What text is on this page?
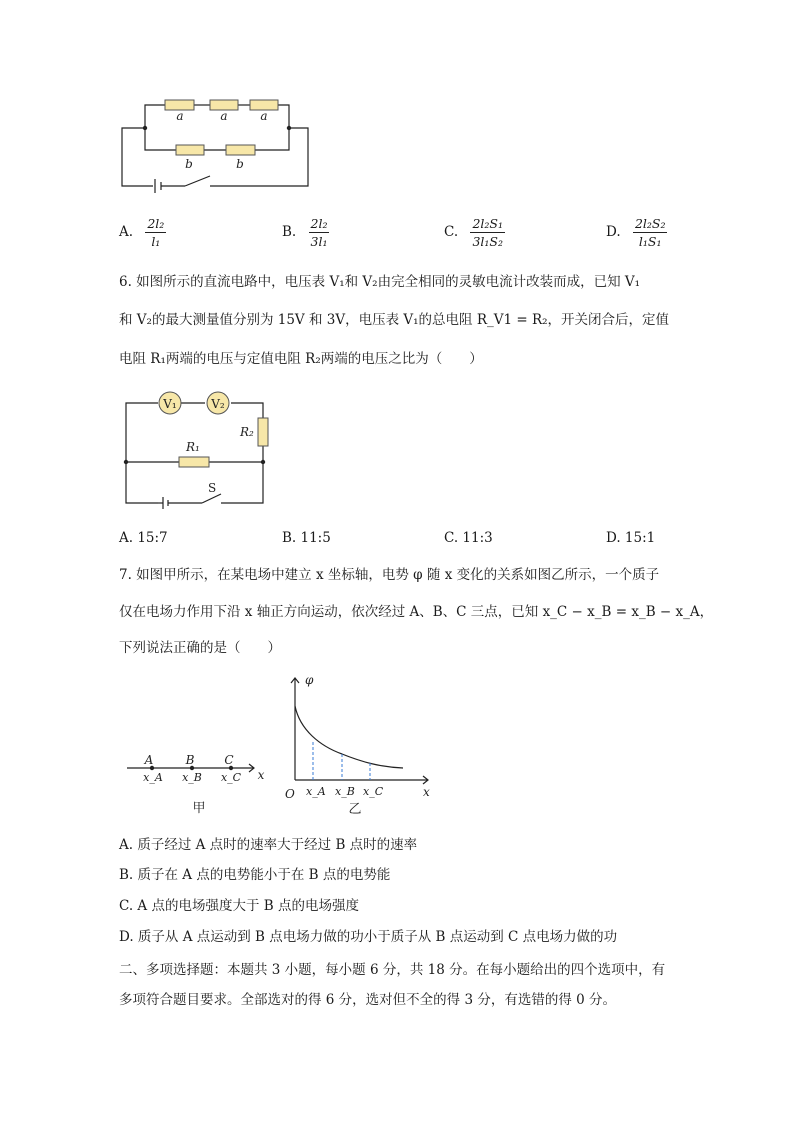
a	a	a
b	b
A. $\frac{\text{2l₂}}{\text{l₁}}$	B. $\frac{\text{2l₂}}{\text{3l₁}}$	C. $\frac{\text{2l₂S₁}}{\text{3l₁S₂}}$	D. $\frac{\text{2l₂S₂}}{\text{l₁S₁}}$
6. 如图所示的直流电路中，电压表 V₁和 V₂由完全相同的灵敏电流计改装而成，已知 V₁
和 V₂的最大测量值分别为 15V 和 3V，电压表 V₁的总电阻 R_V1 = R₂，开关闭合后，定值
电阻 R₁两端的电压与定值电阻 R₂两端的电压之比为（　　）
V₁	V₂
R₁
R₂
S
A. 15:7	B. 11:5	C. 11:3	D. 15:1
7. 如图甲所示，在某电场中建立 x 坐标轴，电势 φ 随 x 变化的关系如图乙所示，一个质子
仅在电场力作用下沿 x 轴正方向运动，依次经过 A、B、C 三点，已知 x_C − x_B = x_B − x_A，
下列说法正确的是（　　）
A	B C
x_A x_B x_C x
甲
φ
O	x
x_A x_B x_C
乙
A. 质子经过 A 点时的速率大于经过 B 点时的速率
B. 质子在 A 点的电势能小于在 B 点的电势能
C. A 点的电场强度大于 B 点的电场强度
D. 质子从 A 点运动到 B 点电场力做的功小于质子从 B 点运动到 C 点电场力做的功
二、多项选择题：本题共 3 小题，每小题 6 分，共 18 分。在每小题给出的四个选项中，有
多项符合题目要求。全部选对的得 6 分，选对但不全的得 3 分，有选错的得 0 分。
